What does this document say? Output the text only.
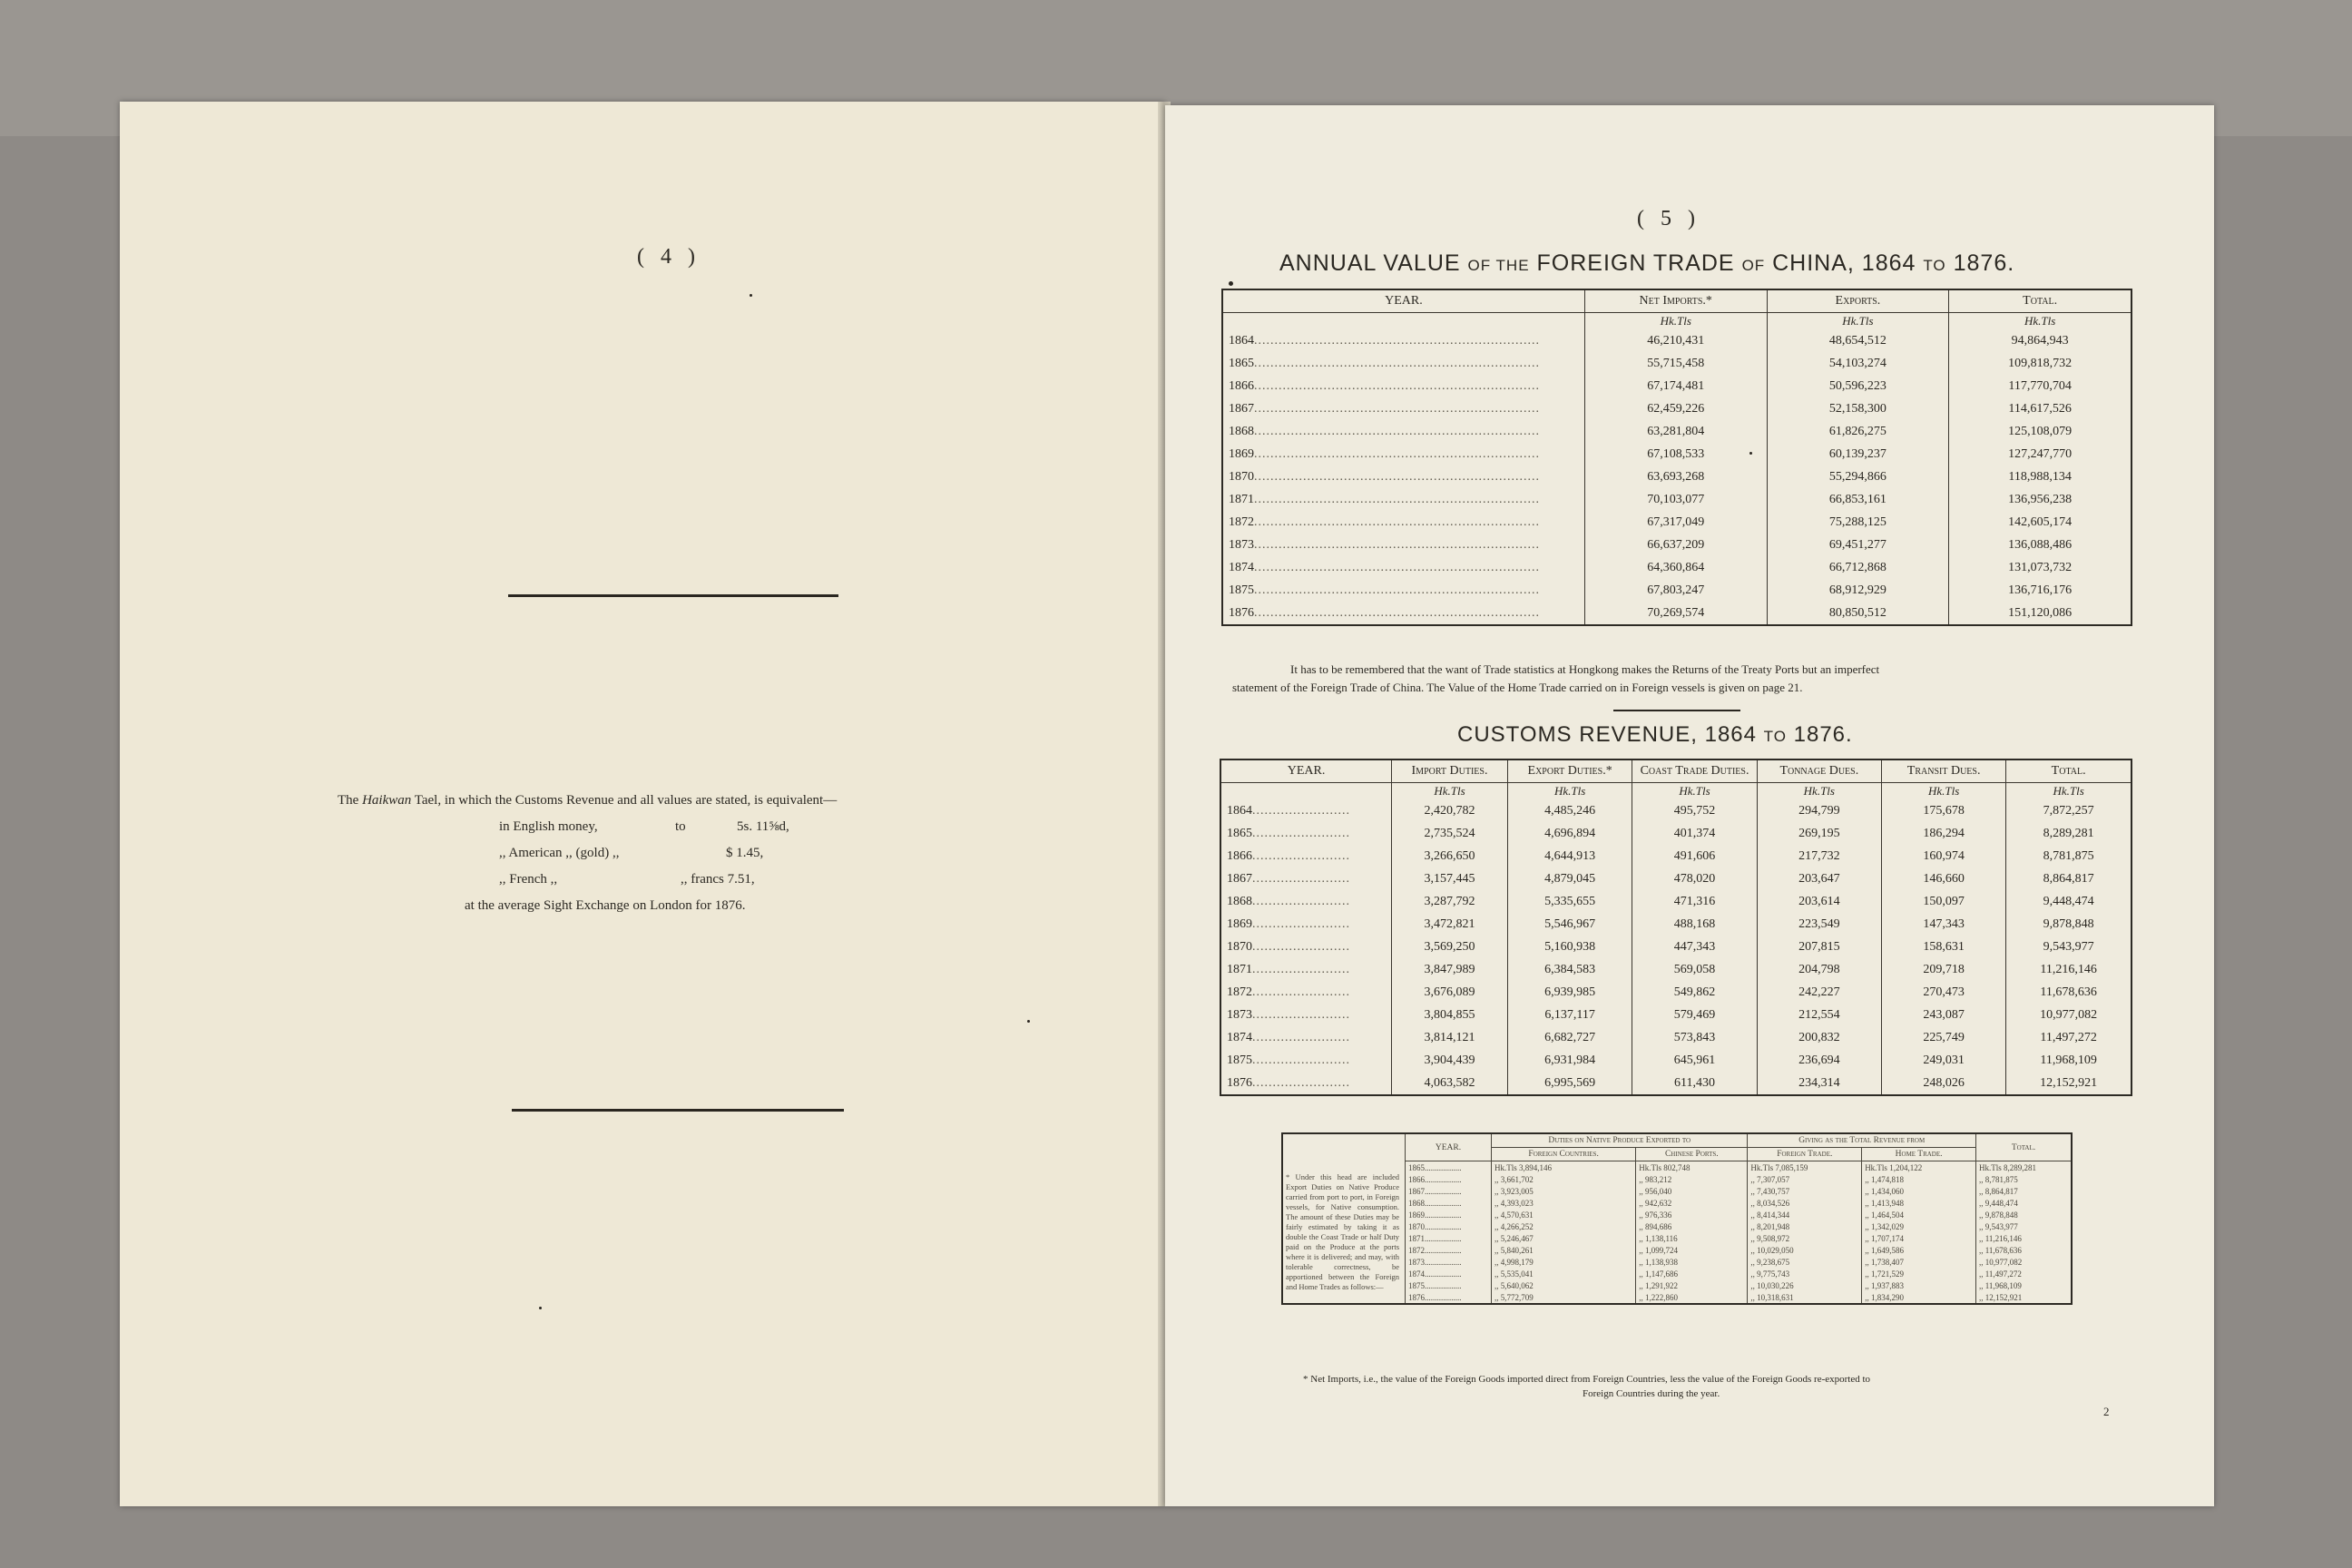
( 4 )
The Haikwan Tael, in which the Customs Revenue and all values are stated, is equivalent—
in English money,	to	5s. 11⅝d,
,, American ,, (gold) ,,	$ 1.45,
,, French ,,	,, francs 7.51,
at the average Sight Exchange on London for 1876.
( 5 )
ANNUAL VALUE OF THE FOREIGN TRADE OF CHINA, 1864 TO 1876.
YEAR.	Net Imports.*	Exports.	Total.
	Hk.Tls	Hk.Tls	Hk.Tls
1864......................................................................	46,210,431	48,654,512	94,864,943
1865......................................................................	55,715,458	54,103,274	109,818,732
1866......................................................................	67,174,481	50,596,223	117,770,704
1867......................................................................	62,459,226	52,158,300	114,617,526
1868......................................................................	63,281,804	61,826,275	125,108,079
1869......................................................................	67,108,533	60,139,237	127,247,770
1870......................................................................	63,693,268	55,294,866	118,988,134
1871......................................................................	70,103,077	66,853,161	136,956,238
1872......................................................................	67,317,049	75,288,125	142,605,174
1873......................................................................	66,637,209	69,451,277	136,088,486
1874......................................................................	64,360,864	66,712,868	131,073,732
1875......................................................................	67,803,247	68,912,929	136,716,176
1876......................................................................	70,269,574	80,850,512	151,120,086
It has to be remembered that the want of Trade statistics at Hongkong makes the Returns of the Treaty Ports but an imperfect
statement of the Foreign Trade of China. The Value of the Home Trade carried on in Foreign vessels is given on page 21.
CUSTOMS REVENUE, 1864 TO 1876.
YEAR.	Import Duties.	Export Duties.*	Coast Trade Duties.	Tonnage Dues.	Transit Dues.	Total.
	Hk.Tls	Hk.Tls	Hk.Tls	Hk.Tls	Hk.Tls	Hk.Tls
1864........................	2,420,782	4,485,246	495,752	294,799	175,678	7,872,257
1865........................	2,735,524	4,696,894	401,374	269,195	186,294	8,289,281
1866........................	3,266,650	4,644,913	491,606	217,732	160,974	8,781,875
1867........................	3,157,445	4,879,045	478,020	203,647	146,660	8,864,817
1868........................	3,287,792	5,335,655	471,316	203,614	150,097	9,448,474
1869........................	3,472,821	5,546,967	488,168	223,549	147,343	9,878,848
1870........................	3,569,250	5,160,938	447,343	207,815	158,631	9,543,977
1871........................	3,847,989	6,384,583	569,058	204,798	209,718	11,216,146
1872........................	3,676,089	6,939,985	549,862	242,227	270,473	11,678,636
1873........................	3,804,855	6,137,117	579,469	212,554	243,087	10,977,082
1874........................	3,814,121	6,682,727	573,843	200,832	225,749	11,497,272
1875........................	3,904,439	6,931,984	645,961	236,694	249,031	11,968,109
1876........................	4,063,582	6,995,569	611,430	234,314	248,026	12,152,921
	YEAR.	Duties on Native Produce Exported to		Giving as the Total Revenue from		Total.
		Foreign Countries.	Chinese Ports.	Foreign Trade.	Home Trade.	
* Under this head are included Export Duties on Native Produce carried from port to port, in Foreign vessels, for Native consumption. The amount of these Duties may be fairly estimated by taking it as double the Coast Trade or half Duty paid on the Produce at the ports where it is delivered; and may, with tolerable correctness, be apportioned between the Foreign and Home Trades as follows:—	1865..................	Hk.Tls 3,894,146	Hk.Tls 802,748	Hk.Tls 7,085,159	Hk.Tls 1,204,122	Hk.Tls 8,289,281
	1866..................	,, 3,661,702	,, 983,212	,, 7,307,057	,, 1,474,818	,, 8,781,875
	1867..................	,, 3,923,005	,, 956,040	,, 7,430,757	,, 1,434,060	,, 8,864,817
	1868..................	,, 4,393,023	,, 942,632	,, 8,034,526	,, 1,413,948	,, 9,448,474
	1869..................	,, 4,570,631	,, 976,336	,, 8,414,344	,, 1,464,504	,, 9,878,848
	1870..................	,, 4,266,252	,, 894,686	,, 8,201,948	,, 1,342,029	,, 9,543,977
	1871..................	,, 5,246,467	,, 1,138,116	,, 9,508,972	,, 1,707,174	,, 11,216,146
	1872..................	,, 5,840,261	,, 1,099,724	,, 10,029,050	,, 1,649,586	,, 11,678,636
	1873..................	,, 4,998,179	,, 1,138,938	,, 9,238,675	,, 1,738,407	,, 10,977,082
	1874..................	,, 5,535,041	,, 1,147,686	,, 9,775,743	,, 1,721,529	,, 11,497,272
	1875..................	,, 5,640,062	,, 1,291,922	,, 10,030,226	,, 1,937,883	,, 11,968,109
	1876..................	,, 5,772,709	,, 1,222,860	,, 10,318,631	,, 1,834,290	,, 12,152,921
* Net Imports, i.e., the value of the Foreign Goods imported direct from Foreign Countries, less the value of the Foreign Goods re-exported to
Foreign Countries during the year.
2
